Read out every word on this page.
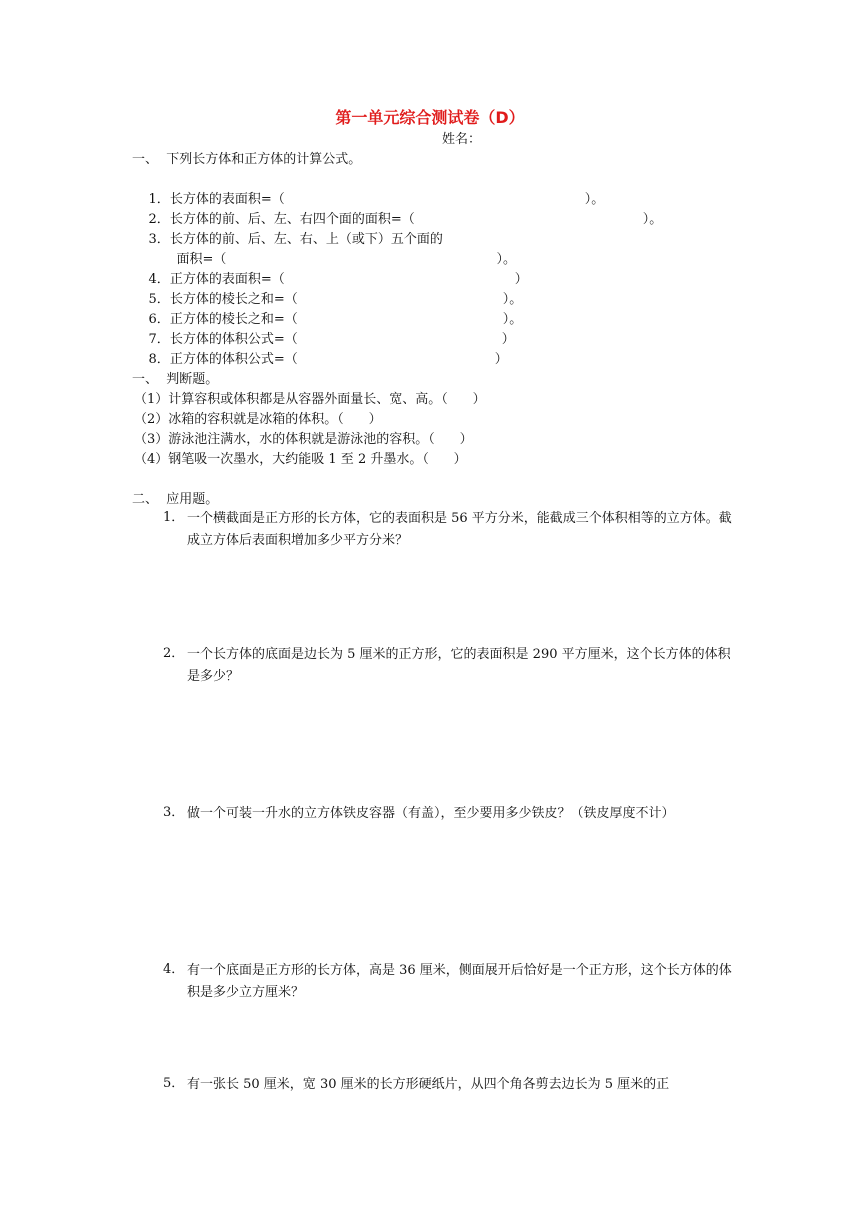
第一单元综合测试卷（D）
姓名：
一、  下列长方体和正方体的计算公式。

1．长方体的表面积=（	）。

2．长方体的前、后、左、右四个面的面积=（	）。

3．长方体的前、后、左、右、上（或下）五个面的

面积=（	）。

4．正方体的表面积=（	）

5．长方体的棱长之和=（	）。

6．正方体的棱长之和=（	）。

7．长方体的体积公式=（	）

8．正方体的体积公式=（	）

一、  判断题。
（1）计算容积或体积都是从容器外面量长、宽、高。（      ）
（2）冰箱的容积就是冰箱的体积。（      ）
（3）游泳池注满水，水的体积就是游泳池的容积。（      ）
（4）钢笔吸一次墨水，大约能吸 1 至 2 升墨水。（      ）
二、  应用题。
1． 一个横截面是正方形的长方体，它的表面积是 56 平方分米，能截成三个体积相等的立方体。截成立方体后表面积增加多少平方分米？
2． 一个长方体的底面是边长为 5 厘米的正方形，它的表面积是 290 平方厘米，这个长方体的体积是多少？
3． 做一个可装一升水的立方体铁皮容器（有盖），至少要用多少铁皮？（铁皮厚度不计）
4． 有一个底面是正方形的长方体，高是 36 厘米，侧面展开后恰好是一个正方形，这个长方体的体积是多少立方厘米？
5． 有一张长 50 厘米，宽 30 厘米的长方形硬纸片，从四个角各剪去边长为 5 厘米的正
